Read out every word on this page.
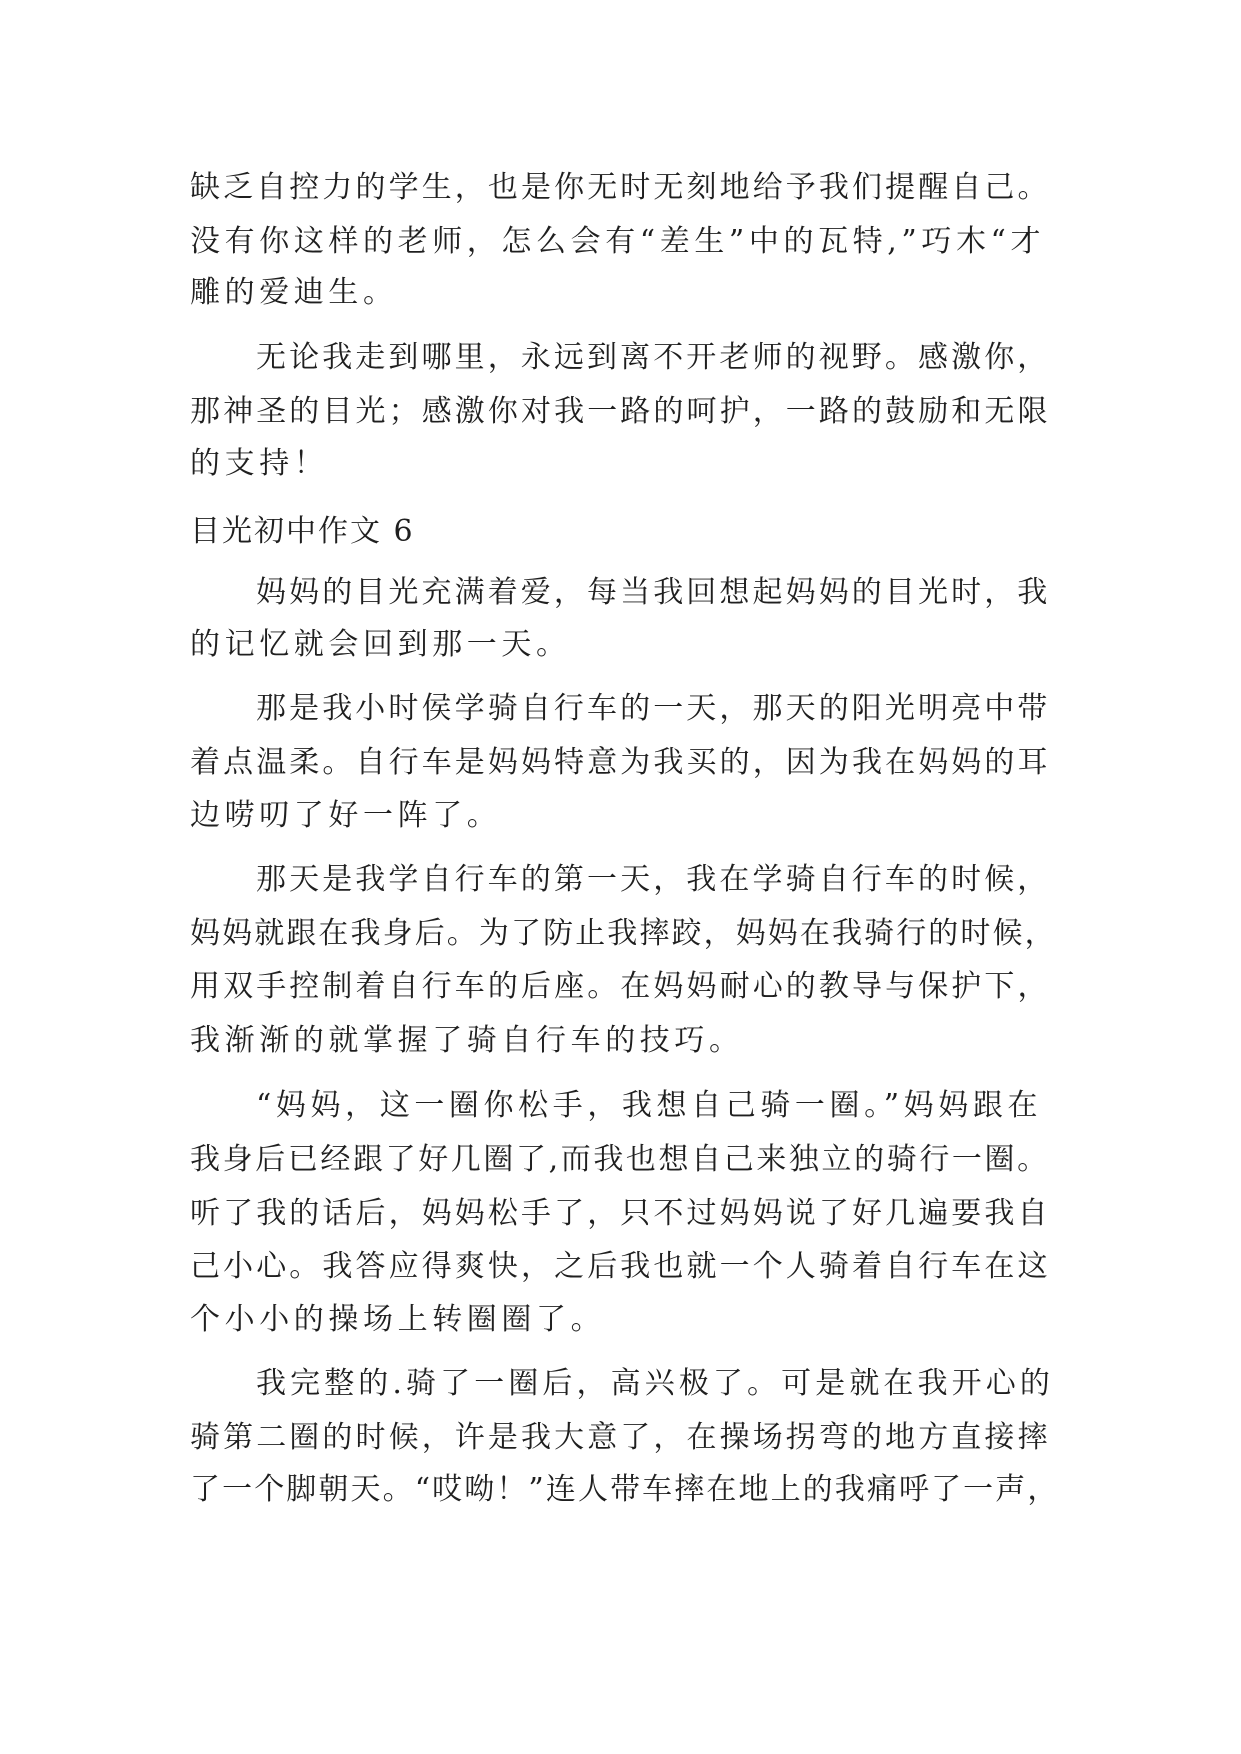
缺乏自控力的学生，也是你无时无刻地给予我们提醒自己。
没有你这样的老师，怎么会有“差生”中的瓦特,”巧木“才
雕的爱迪生。
无论我走到哪里，永远到离不开老师的视野。感激你，
那神圣的目光；感激你对我一路的呵护，一路的鼓励和无限
的支持！
目光初中作文 6
妈妈的目光充满着爱，每当我回想起妈妈的目光时，我
的记忆就会回到那一天。
那是我小时侯学骑自行车的一天，那天的阳光明亮中带
着点温柔。自行车是妈妈特意为我买的，因为我在妈妈的耳
边唠叨了好一阵了。
那天是我学自行车的第一天，我在学骑自行车的时候，
妈妈就跟在我身后。为了防止我摔跤，妈妈在我骑行的时候，
用双手控制着自行车的后座。在妈妈耐心的教导与保护下，
我渐渐的就掌握了骑自行车的技巧。
“妈妈，这一圈你松手，我想自己骑一圈。”妈妈跟在
我身后已经跟了好几圈了,而我也想自己来独立的骑行一圈。
听了我的话后，妈妈松手了，只不过妈妈说了好几遍要我自
己小心。我答应得爽快，之后我也就一个人骑着自行车在这
个小小的操场上转圈圈了。
我完整的.骑了一圈后，高兴极了。可是就在我开心的
骑第二圈的时候，许是我大意了，在操场拐弯的地方直接摔
了一个脚朝天。“哎呦！”连人带车摔在地上的我痛呼了一声，
